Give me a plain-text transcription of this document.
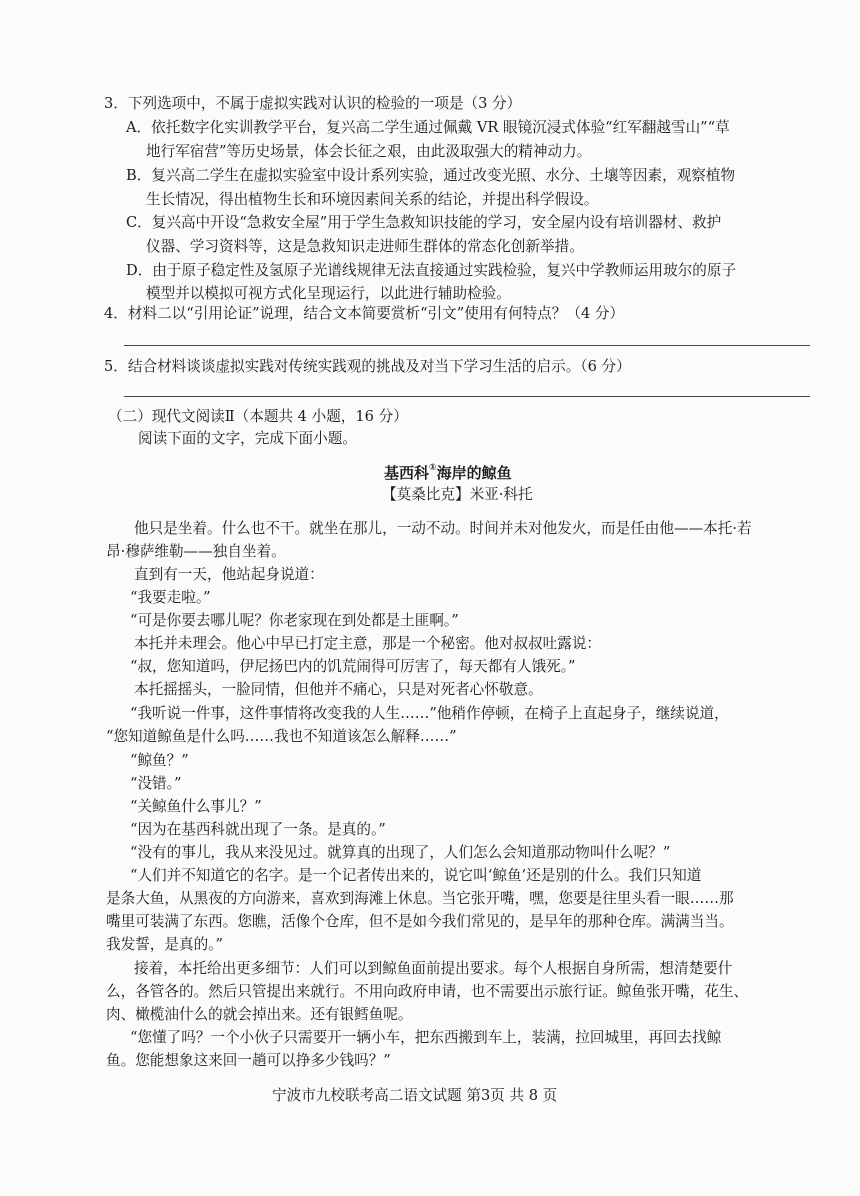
3．下列选项中，不属于虚拟实践对认识的检验的一项是（3 分）
A．依托数字化实训教学平台，复兴高二学生通过佩戴 VR 眼镜沉浸式体验“红军翻越雪山”“草
地行军宿营”等历史场景，体会长征之艰，由此汲取强大的精神动力。
B．复兴高二学生在虚拟实验室中设计系列实验，通过改变光照、水分、土壤等因素，观察植物
生长情况，得出植物生长和环境因素间关系的结论，并提出科学假设。
C．复兴高中开设“急救安全屋”用于学生急救知识技能的学习，安全屋内设有培训器材、救护
仪器、学习资料等，这是急救知识走进师生群体的常态化创新举措。
D．由于原子稳定性及氢原子光谱线规律无法直接通过实践检验，复兴中学教师运用玻尔的原子
模型并以模拟可视方式化呈现运行，以此进行辅助检验。
4．材料二以“引用论证”说理，结合文本简要赏析“引文”使用有何特点？（4 分）
5．结合材料谈谈虚拟实践对传统实践观的挑战及对当下学习生活的启示。（6 分）
（二）现代文阅读Ⅱ（本题共 4 小题，16 分）
阅读下面的文字，完成下面小题。
基西科①海岸的鲸鱼
【莫桑比克】米亚·科托
他只是坐着。什么也不干。就坐在那儿，一动不动。时间并未对他发火，而是任由他——本托·若
昂·穆萨维勒——独自坐着。
直到有一天，他站起身说道：
“我要走啦。”
“可是你要去哪儿呢？你老家现在到处都是土匪啊。”
本托并未理会。他心中早已打定主意，那是一个秘密。他对叔叔吐露说：
“叔，您知道吗，伊尼扬巴内的饥荒闹得可厉害了，每天都有人饿死。”
本托摇摇头，一脸同情，但他并不痛心，只是对死者心怀敬意。
“我听说一件事，这件事情将改变我的人生……”他稍作停顿，在椅子上直起身子，继续说道，
“您知道鲸鱼是什么吗……我也不知道该怎么解释……”
“鲸鱼？”
“没错。”
“关鲸鱼什么事儿？”
“因为在基西科就出现了一条。是真的。”
“没有的事儿，我从来没见过。就算真的出现了，人们怎么会知道那动物叫什么呢？”
“人们并不知道它的名字。是一个记者传出来的，说它叫‘鲸鱼’还是别的什么。我们只知道
是条大鱼，从黑夜的方向游来，喜欢到海滩上休息。当它张开嘴，嘿，您要是往里头看一眼……那
嘴里可装满了东西。您瞧，活像个仓库，但不是如今我们常见的，是早年的那种仓库。满满当当。
我发誓，是真的。”
接着，本托给出更多细节：人们可以到鲸鱼面前提出要求。每个人根据自身所需，想清楚要什
么，各管各的。然后只管提出来就行。不用向政府申请，也不需要出示旅行证。鲸鱼张开嘴，花生、
肉、橄榄油什么的就会掉出来。还有银鳕鱼呢。
“您懂了吗？一个小伙子只需要开一辆小车，把东西搬到车上，装满，拉回城里，再回去找鲸
鱼。您能想象这来回一趟可以挣多少钱吗？”
宁波市九校联考高二语文试题 第3页 共 8 页
